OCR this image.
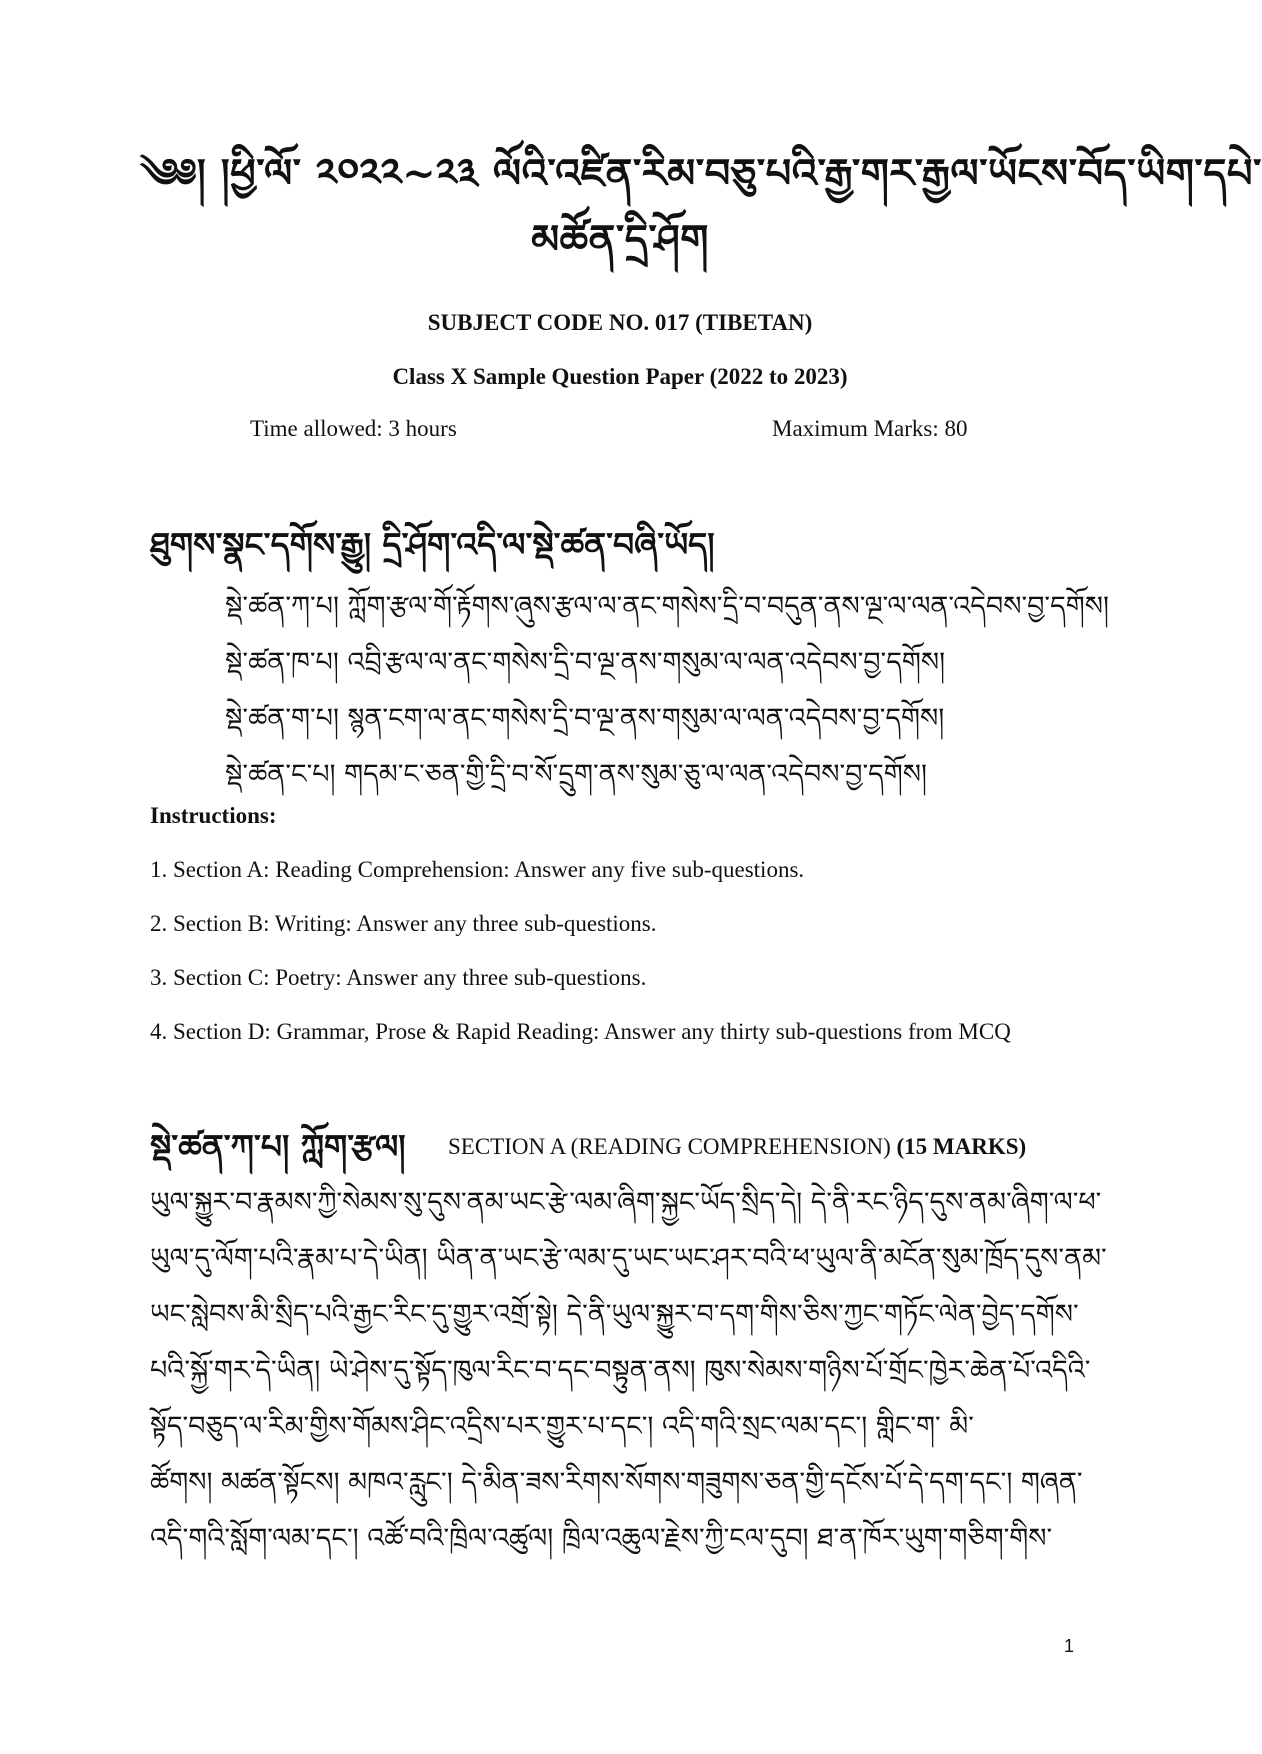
༄༅། །ཕྱི་ལོ་ ༢༠༢༢~༢༣ ལོའི་འཛིན་རིམ་བཅུ་པའི་རྒྱ་གར་རྒྱལ་ཡོངས་བོད་ཡིག་དཔེ་
མཚོན་དྲི་ཤོག
SUBJECT CODE NO. 017 (TIBETAN)
Class X Sample Question Paper (2022 to 2023)
Time allowed: 3 hours	Maximum Marks: 80
ཐུགས་སྣང་དགོས་རྒྱུ། དྲི་ཤོག་འདི་ལ་སྡེ་ཚན་བཞི་ཡོད།
སྡེ་ཚན་ཀ་པ། ཀློག་རྩལ་གོ་རྟོགས་ཞུས་རྩལ་ལ་ནང་གསེས་དྲི་བ་བདུན་ནས་ལྔ་ལ་ལན་འདེབས་བྱ་དགོས།
སྡེ་ཚན་ཁ་པ། འབྲི་རྩལ་ལ་ནང་གསེས་དྲི་བ་ལྔ་ནས་གསུམ་ལ་ལན་འདེབས་བྱ་དགོས།
སྡེ་ཚན་ག་པ། སྙན་ངག་ལ་ནང་གསེས་དྲི་བ་ལྔ་ནས་གསུམ་ལ་ལན་འདེབས་བྱ་དགོས།
སྡེ་ཚན་ང་པ། གདམ་ང་ཅན་གྱི་དྲི་བ་སོ་དྲུག་ནས་སུམ་ཅུ་ལ་ལན་འདེབས་བྱ་དགོས།
Instructions:
1. Section A: Reading Comprehension: Answer any five sub-questions.
2. Section B: Writing: Answer any three sub-questions.
3. Section C: Poetry: Answer any three sub-questions.
4. Section D: Grammar, Prose & Rapid Reading: Answer any thirty sub-questions from MCQ
སྡེ་ཚན་ཀ་པ། ཀློག་རྩལ། SECTION A (READING COMPREHENSION) (15 MARKS)
ཡུལ་སྐྱུར་བ་རྣམས་ཀྱི་སེམས་སུ་དུས་ནམ་ཡང་རྩེ་ལམ་ཞིག་སྐྱང་ཡོད་སྲིད་དེ། དེ་ནི་རང་ཉིད་དུས་ནམ་ཞིག་ལ་ཕ་
ཡུལ་དུ་ལོག་པའི་རྣམ་པ་དེ་ཡིན། ཡིན་ན་ཡང་རྩེ་ལམ་དུ་ཡང་ཡང་ཤར་བའི་ཕ་ཡུལ་ནི་མངོན་སུམ་ཁྲོད་དུས་ནམ་
ཡང་སླེབས་མི་སྲིད་པའི་རྒྱང་རིང་དུ་གྱུར་འགྲོ་སྟེ། དེ་ནི་ཡུལ་སྐྱུར་བ་དག་གིས་ཅིས་ཀྱང་གཏོང་ལེན་བྱེད་དགོས་
པའི་སྐྱོ་གར་དེ་ཡིན། ཡེ་ཤེས་དུ་སྟོད་ཁུལ་རིང་བ་དང་བསྟུན་ནས། ཁུས་སེམས་གཉིས་པོ་གྲོང་ཁྱེར་ཆེན་པོ་འདིའི་
སྟོད་བཅུད་ལ་རིམ་གྱིས་གོམས་ཤིང་འདྲིས་པར་གྱུར་པ་དང་། འདི་གའི་སྲང་ལམ་དང་། གླིང་ག་ མི་
ཚོགས། མཚན་སྟོངས། མཁའ་རླུང་། དེ་མིན་ཟས་རིགས་སོགས་གཟུགས་ཅན་གྱི་དངོས་པོ་དེ་དག་དང་། གཞན་
འདི་གའི་སློག་ལམ་དང་། འཚོ་བའི་ཁྲིལ་འཚུལ། ཁྲིལ་འཆུལ་རྗེས་ཀྱི་ངལ་དུབ། ཐ་ན་ཁོར་ཡུག་གཅིག་གིས་
1
